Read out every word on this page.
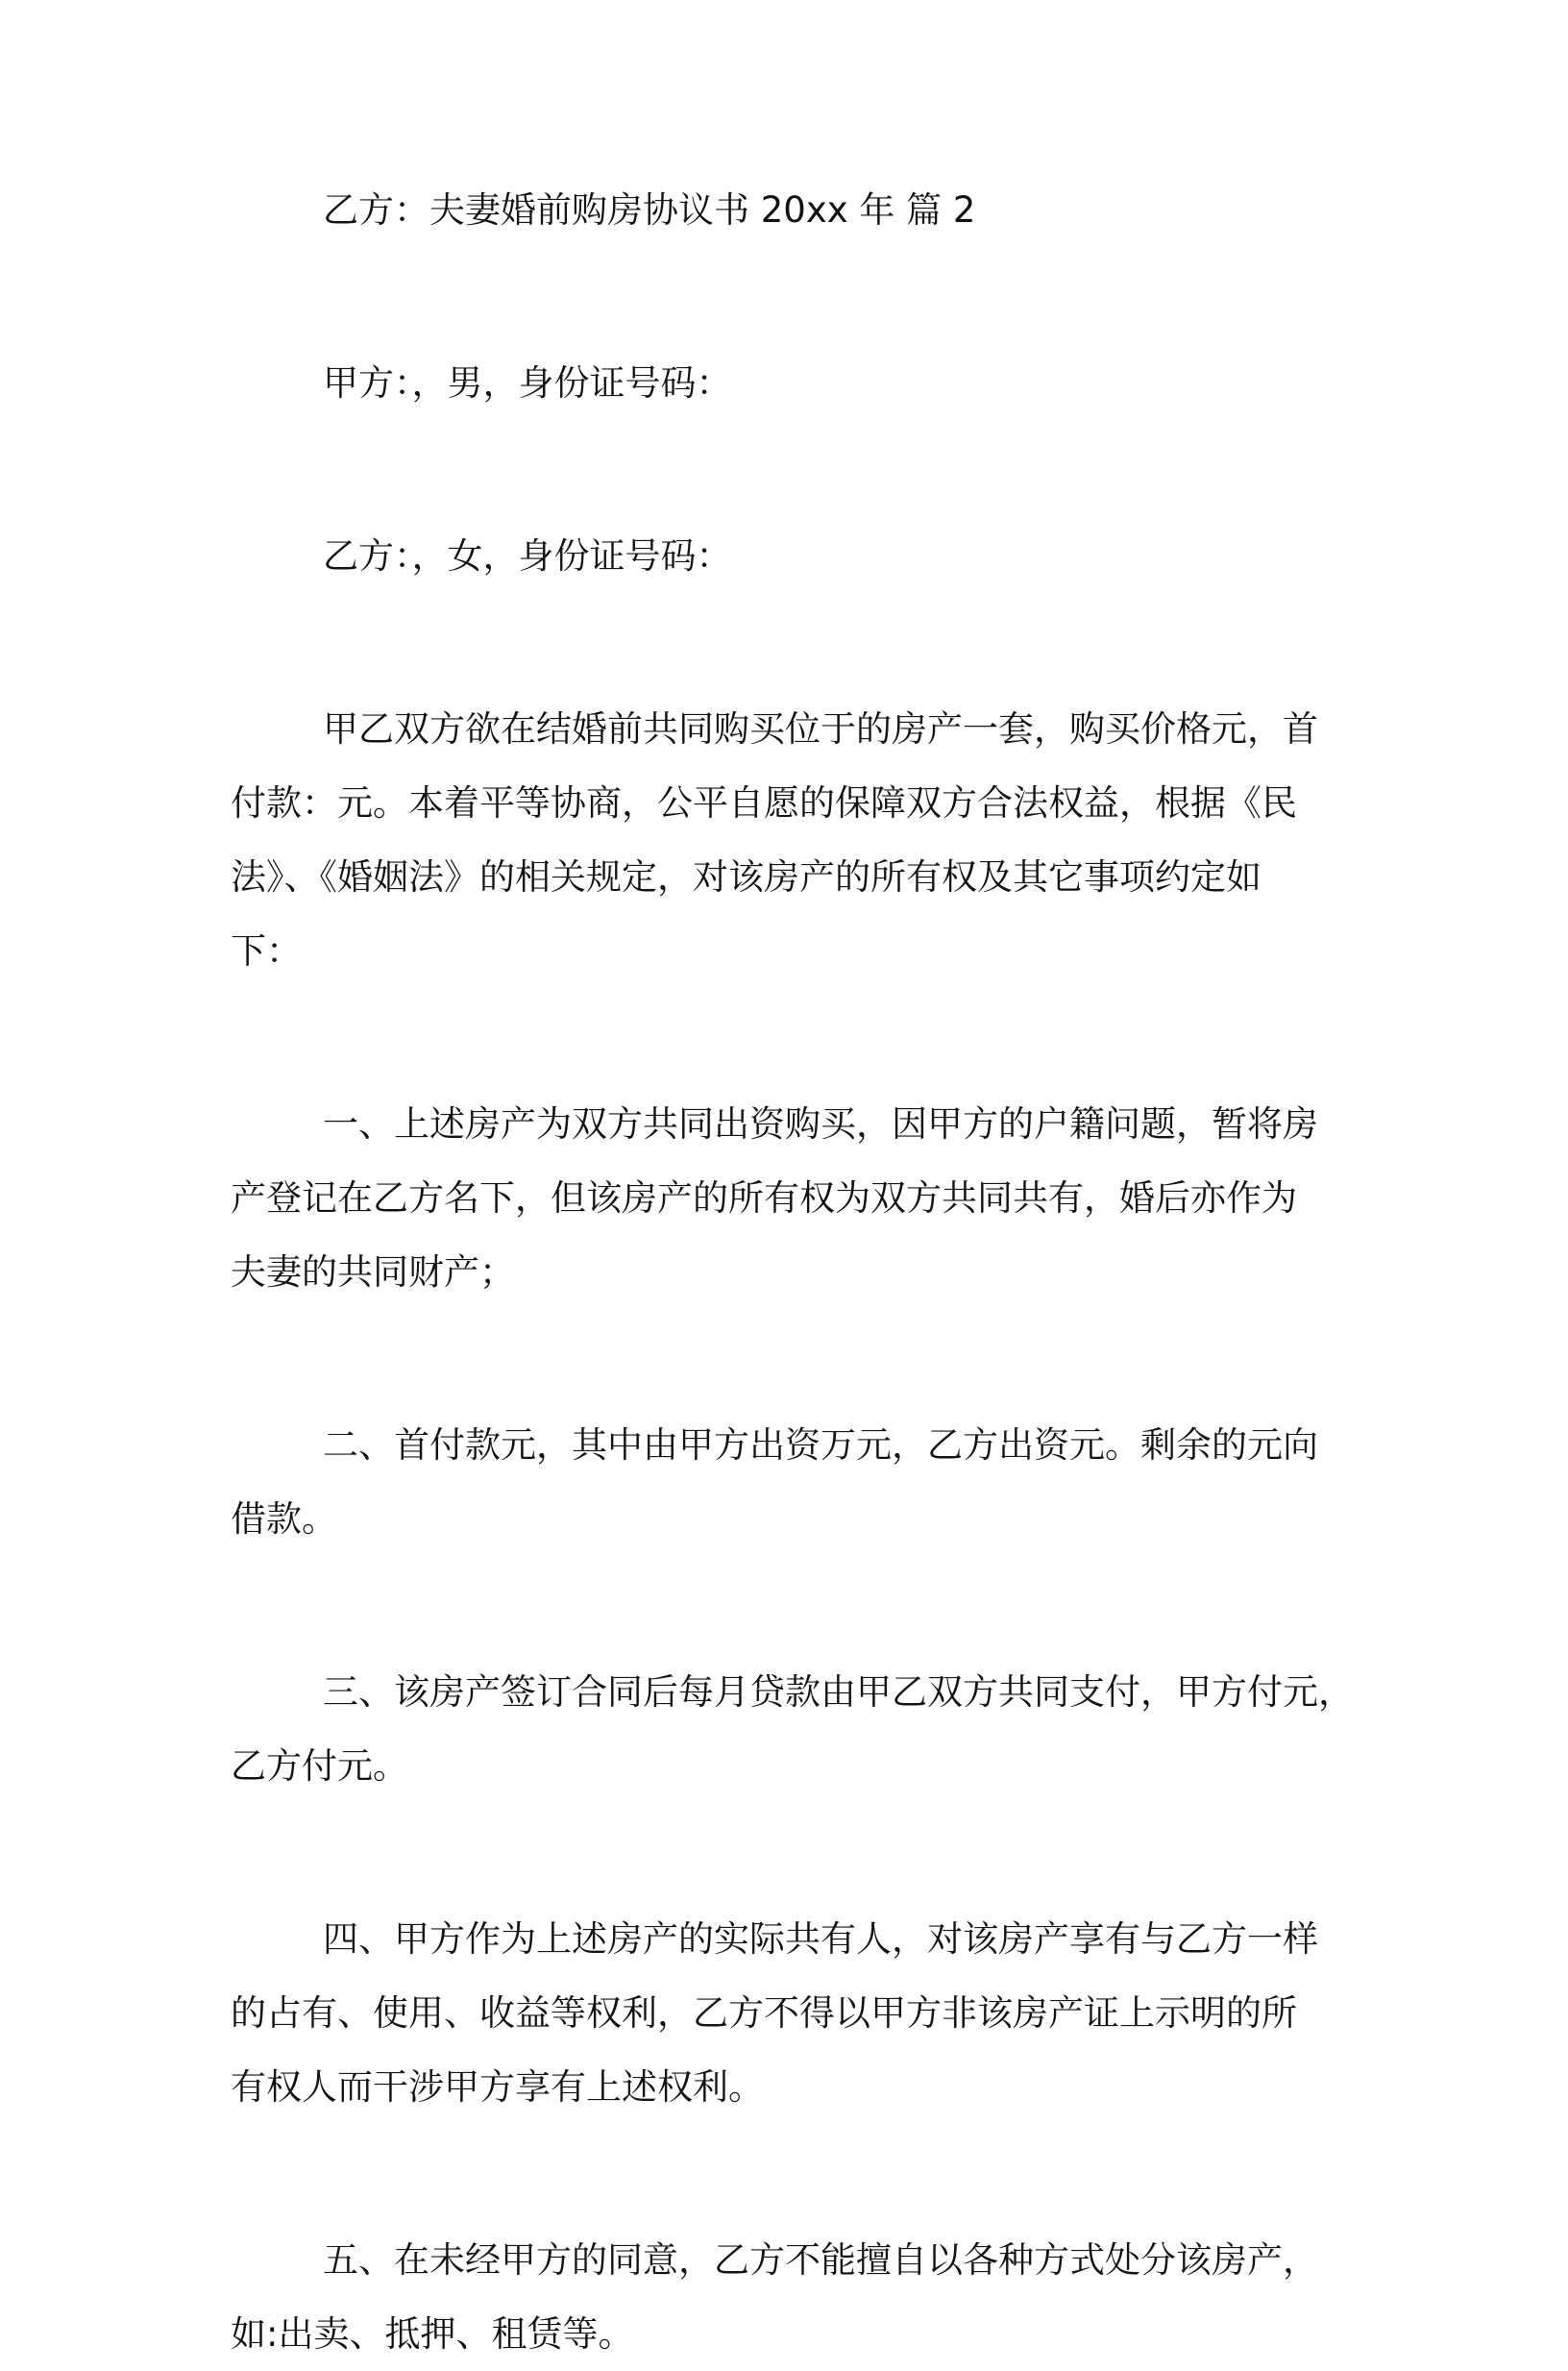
乙方：夫妻婚前购房协议书 20xx 年 篇 2
甲方：，男，身份证号码：
乙方：，女，身份证号码：
甲乙双方欲在结婚前共同购买位于的房产一套，购买价格元，首
付款：元。本着平等协商，公平自愿的保障双方合法权益，根据《民
法》、《婚姻法》的相关规定，对该房产的所有权及其它事项约定如
下：
一、上述房产为双方共同出资购买，因甲方的户籍问题，暂将房
产登记在乙方名下，但该房产的所有权为双方共同共有，婚后亦作为
夫妻的共同财产；
二、首付款元，其中由甲方出资万元，乙方出资元。剩余的元向
借款。
三、该房产签订合同后每月贷款由甲乙双方共同支付，甲方付元，
乙方付元。
四、甲方作为上述房产的实际共有人，对该房产享有与乙方一样
的占有、使用、收益等权利，乙方不得以甲方非该房产证上示明的所
有权人而干涉甲方享有上述权利。
五、在未经甲方的同意，乙方不能擅自以各种方式处分该房产，
如:出卖、抵押、租赁等。
